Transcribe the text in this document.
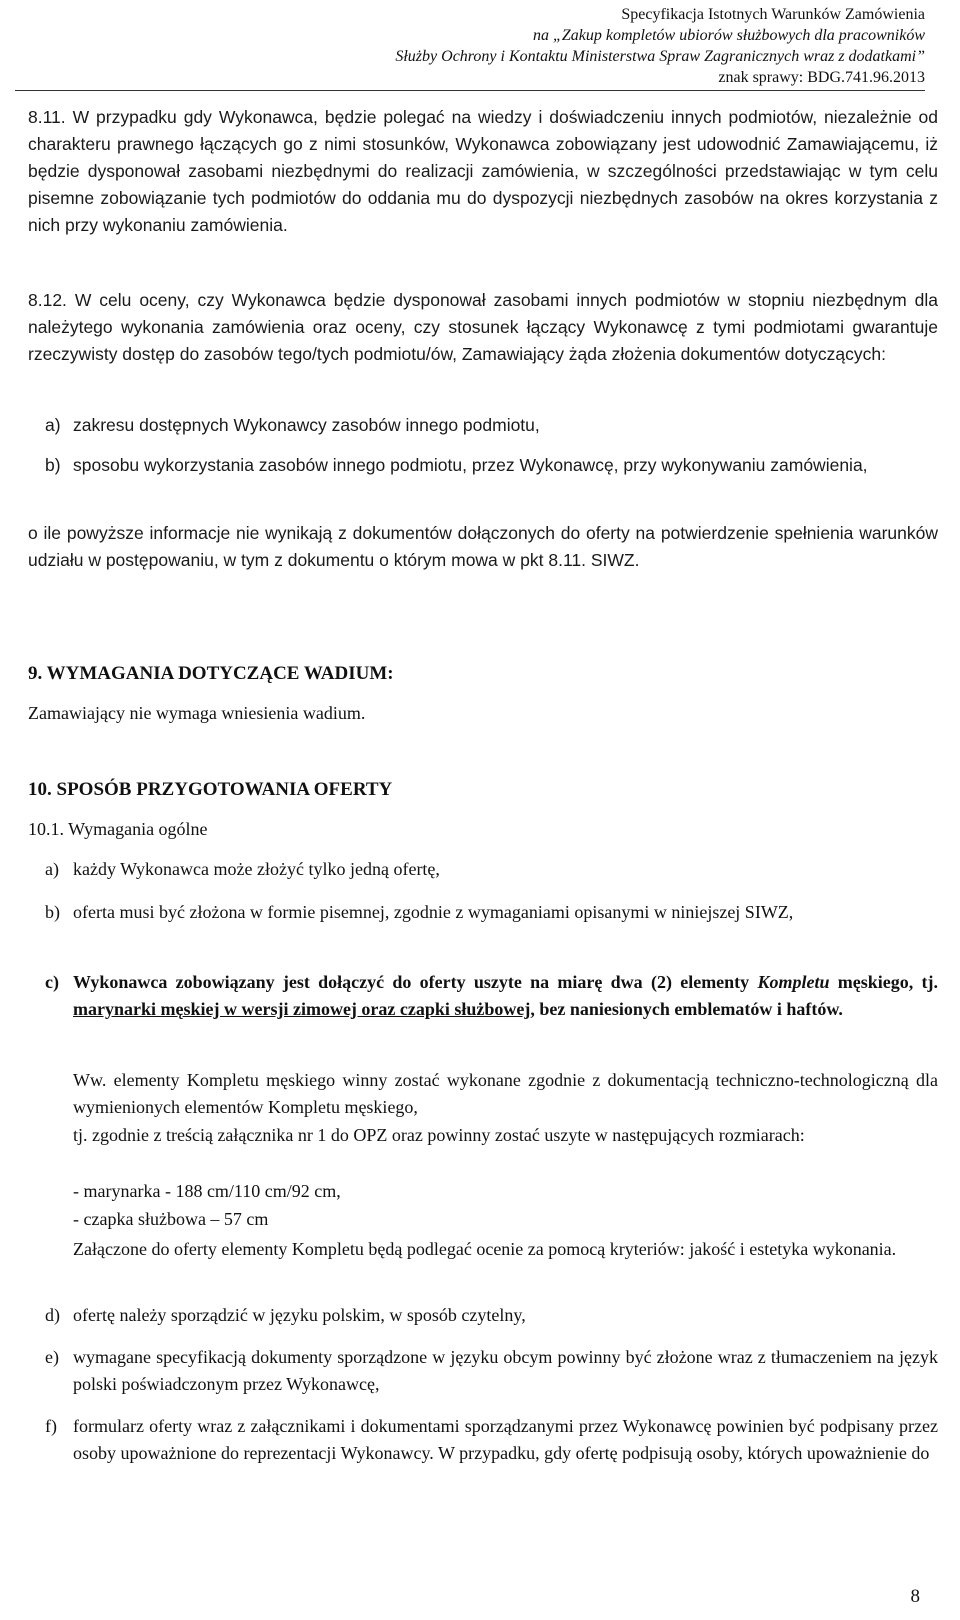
Specyfikacja Istotnych Warunków Zamówienia
na „Zakup kompletów ubiorów służbowych dla pracowników
Służby Ochrony i Kontaktu Ministerstwa Spraw Zagranicznych wraz z dodatkami”
znak sprawy: BDG.741.96.2013
8.11. W przypadku gdy Wykonawca, będzie polegać na wiedzy i doświadczeniu innych podmiotów, niezależnie od charakteru prawnego łączących go z nimi stosunków, Wykonawca zobowiązany jest udowodnić Zamawiającemu, iż będzie dysponował zasobami niezbędnymi do realizacji zamówienia, w szczególności przedstawiając w tym celu pisemne zobowiązanie tych podmiotów do oddania mu do dyspozycji niezbędnych zasobów na okres korzystania z nich przy wykonaniu zamówienia.
8.12. W celu oceny, czy Wykonawca będzie dysponował zasobami innych podmiotów w stopniu niezbędnym dla należytego wykonania zamówienia oraz oceny, czy stosunek łączący Wykonawcę z tymi podmiotami gwarantuje rzeczywisty dostęp do zasobów tego/tych podmiotu/ów, Zamawiający żąda złożenia dokumentów dotyczących:
a) zakresu dostępnych Wykonawcy zasobów innego podmiotu,
b) sposobu wykorzystania zasobów innego podmiotu, przez Wykonawcę, przy wykonywaniu zamówienia,
o ile powyższe informacje nie wynikają z dokumentów dołączonych do oferty na potwierdzenie spełnienia warunków udziału w postępowaniu, w tym z dokumentu o którym mowa w pkt 8.11. SIWZ.
9. WYMAGANIA DOTYCZĄCE WADIUM:
Zamawiający nie wymaga wniesienia wadium.
10. SPOSÓB PRZYGOTOWANIA OFERTY
10.1. Wymagania ogólne
a) każdy Wykonawca może złożyć tylko jedną ofertę,
b) oferta musi być złożona w formie pisemnej, zgodnie z wymaganiami opisanymi w niniejszej SIWZ,
c) Wykonawca zobowiązany jest dołączyć do oferty uszyte na miarę dwa (2) elementy Kompletu męskiego, tj. marynarki męskiej w wersji zimowej oraz czapki służbowej, bez naniesionych emblematów i haftów.
Ww. elementy Kompletu męskiego winny zostać wykonane zgodnie z dokumentacją techniczno-technologiczną dla wymienionych elementów Kompletu męskiego,
tj. zgodnie z treścią załącznika nr 1 do OPZ oraz powinny zostać uszyte w następujących rozmiarach:
- marynarka - 188 cm/110 cm/92 cm,
- czapka służbowa – 57 cm
Załączone do oferty elementy Kompletu będą podlegać ocenie za pomocą kryteriów: jakość i estetyka wykonania.
d) ofertę należy sporządzić w języku polskim, w sposób czytelny,
e) wymagane specyfikacją dokumenty sporządzone w języku obcym powinny być złożone wraz z tłumaczeniem na język polski poświadczonym przez Wykonawcę,
f) formularz oferty wraz z załącznikami i dokumentami sporządzanymi przez Wykonawcę powinien być podpisany przez osoby upoważnione do reprezentacji Wykonawcy. W przypadku, gdy ofertę podpisują osoby, których upoważnienie do
8
